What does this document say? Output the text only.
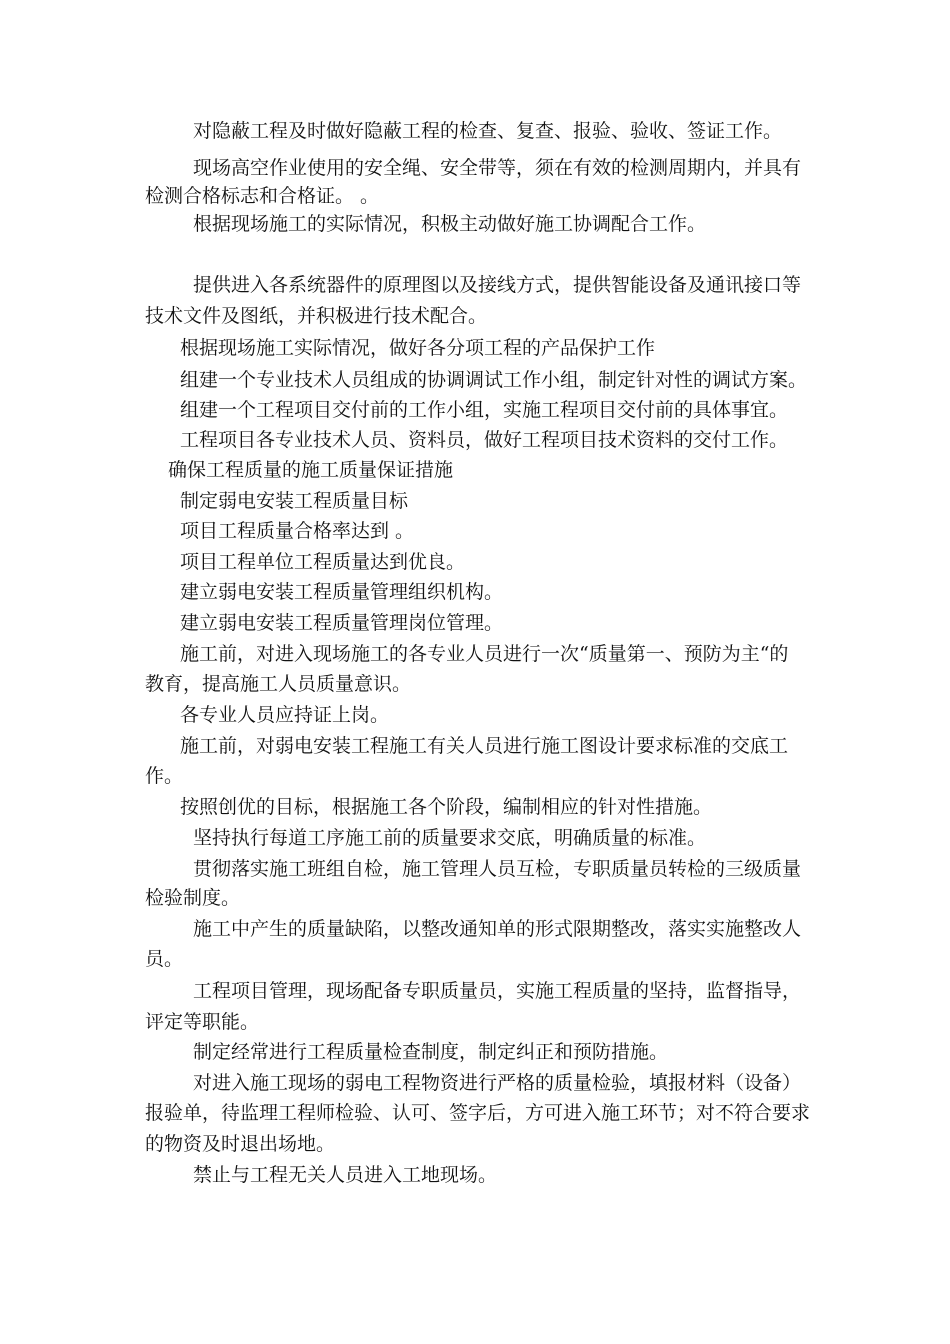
对隐蔽工程及时做好隐蔽工程的检查、复查、报验、验收、签证工作。
现场高空作业使用的安全绳、安全带等，须在有效的检测周期内，并具有
检测合格标志和合格证。 。
根据现场施工的实际情况，积极主动做好施工协调配合工作。
提供进入各系统器件的原理图以及接线方式，提供智能设备及通讯接口等
技术文件及图纸，并积极进行技术配合。
根据现场施工实际情况，做好各分项工程的产品保护工作
组建一个专业技术人员组成的协调调试工作小组，制定针对性的调试方案。
组建一个工程项目交付前的工作小组，实施工程项目交付前的具体事宜。
工程项目各专业技术人员、资料员，做好工程项目技术资料的交付工作。
确保工程质量的施工质量保证措施
制定弱电安装工程质量目标
项目工程质量合格率达到 。
项目工程单位工程质量达到优良。
建立弱电安装工程质量管理组织机构。
建立弱电安装工程质量管理岗位管理。
施工前，对进入现场施工的各专业人员进行一次“质量第一、预防为主“的
教育，提高施工人员质量意识。
各专业人员应持证上岗。
施工前，对弱电安装工程施工有关人员进行施工图设计要求标准的交底工
作。
按照创优的目标，根据施工各个阶段，编制相应的针对性措施。
坚持执行每道工序施工前的质量要求交底，明确质量的标准。
贯彻落实施工班组自检，施工管理人员互检，专职质量员转检的三级质量
检验制度。
施工中产生的质量缺陷，以整改通知单的形式限期整改，落实实施整改人
员。
工程项目管理，现场配备专职质量员，实施工程质量的坚持，监督指导，
评定等职能。
制定经常进行工程质量检查制度，制定纠正和预防措施。
对进入施工现场的弱电工程物资进行严格的质量检验，填报材料（设备）
报验单，待监理工程师检验、认可、签字后，方可进入施工环节；对不符合要求
的物资及时退出场地。
禁止与工程无关人员进入工地现场。
